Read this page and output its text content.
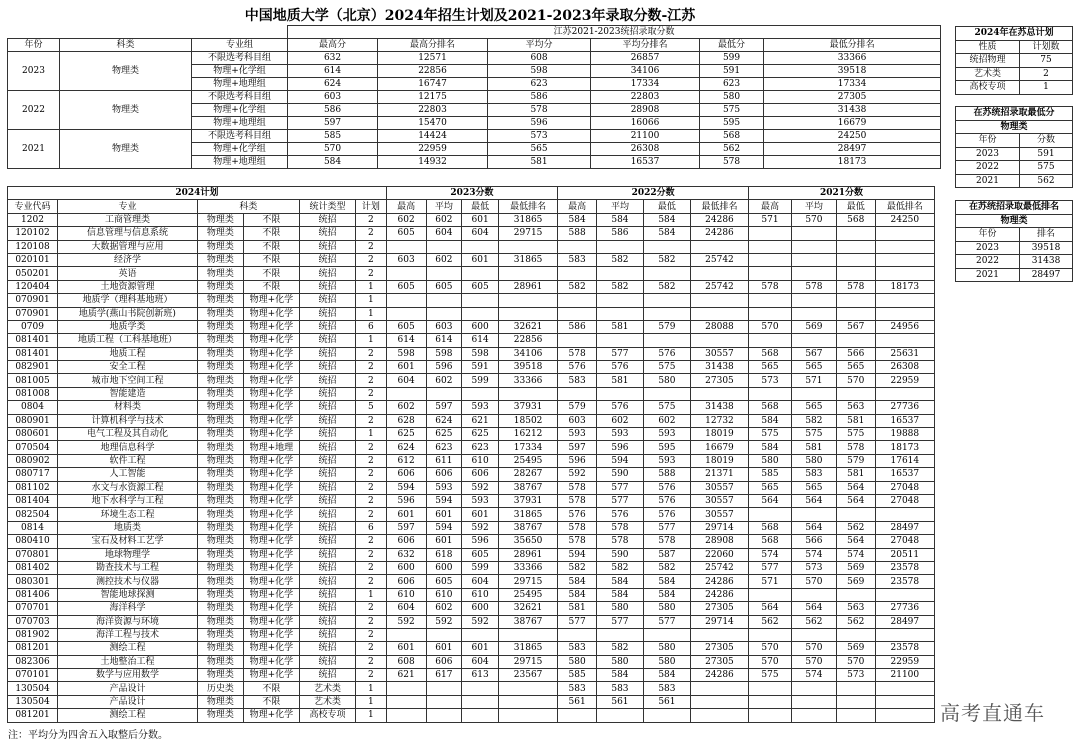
中国地质大学（北京）2024年招生计划及2021-2023年录取分数-江苏
			江苏2021-2023统招录取分数					
年份	科类	专业组	最高分	最高分排名	平均分	平均分排名	最低分	最低分排名
2023	物理类	不限选考科目组	632	12571	608	26857	599	33366
		物理+化学组	614	22856	598	34106	591	39518
		物理+地理组	624	16747	623	17334	623	17334
2022	物理类	不限选考科目组	603	12175	586	22803	580	27305
		物理+化学组	586	22803	578	28908	575	31438
		物理+地理组	597	15470	596	16066	595	16679
2021	物理类	不限选考科目组	585	14424	573	21100	568	24250
		物理+化学组	570	22959	565	26308	562	28497
		物理+地理组	584	14932	581	16537	578	18173
2024计划						2023分数				2022分数				2021分数			
专业代码	专业	科类		统计类型	计划	最高	平均	最低	最低排名	最高	平均	最低	最低排名	最高	平均	最低	最低排名
1202	工商管理类	物理类	不限	统招	2	602	602	601	31865	584	584	584	24286	571	570	568	24250
120102	信息管理与信息系统	物理类	不限	统招	2	605	604	604	29715	588	586	584	24286				
120108	大数据管理与应用	物理类	不限	统招	2												
020101	经济学	物理类	不限	统招	2	603	602	601	31865	583	582	582	25742				
050201	英语	物理类	不限	统招	2												
120404	土地资源管理	物理类	不限	统招	1	605	605	605	28961	582	582	582	25742	578	578	578	18173
070901	地质学（理科基地班）	物理类	物理+化学	统招	1												
070901	地质学(燕山书院创新班)	物理类	物理+化学	统招	1												
0709	地质学类	物理类	物理+化学	统招	6	605	603	600	32621	586	581	579	28088	570	569	567	24956
081401	地质工程（工科基地班）	物理类	物理+化学	统招	1	614	614	614	22856								
081401	地质工程	物理类	物理+化学	统招	2	598	598	598	34106	578	577	576	30557	568	567	566	25631
082901	安全工程	物理类	物理+化学	统招	2	601	596	591	39518	576	576	575	31438	565	565	565	26308
081005	城市地下空间工程	物理类	物理+化学	统招	2	604	602	599	33366	583	581	580	27305	573	571	570	22959
081008	智能建造	物理类	物理+化学	统招	2												
0804	材料类	物理类	物理+化学	统招	5	602	597	593	37931	579	576	575	31438	568	565	563	27736
080901	计算机科学与技术	物理类	物理+化学	统招	2	628	624	621	18502	603	602	602	12732	584	582	581	16537
080601	电气工程及其自动化	物理类	物理+化学	统招	1	625	625	625	16212	593	593	593	18019	575	575	575	19888
070504	地理信息科学	物理类	物理+地理	统招	2	624	623	623	17334	597	596	595	16679	584	581	578	18173
080902	软件工程	物理类	物理+化学	统招	2	612	611	610	25495	596	594	593	18019	580	580	579	17614
080717	人工智能	物理类	物理+化学	统招	2	606	606	606	28267	592	590	588	21371	585	583	581	16537
081102	水文与水资源工程	物理类	物理+化学	统招	2	594	593	592	38767	578	577	576	30557	565	565	564	27048
081404	地下水科学与工程	物理类	物理+化学	统招	2	596	594	593	37931	578	577	576	30557	564	564	564	27048
082504	环境生态工程	物理类	物理+化学	统招	2	601	601	601	31865	576	576	576	30557				
0814	地质类	物理类	物理+化学	统招	6	597	594	592	38767	578	578	577	29714	568	564	562	28497
080410	宝石及材料工艺学	物理类	物理+化学	统招	2	606	601	596	35650	578	578	578	28908	568	566	564	27048
070801	地球物理学	物理类	物理+化学	统招	2	632	618	605	28961	594	590	587	22060	574	574	574	20511
081402	勘查技术与工程	物理类	物理+化学	统招	2	600	600	599	33366	582	582	582	25742	577	573	569	23578
080301	测控技术与仪器	物理类	物理+化学	统招	2	606	605	604	29715	584	584	584	24286	571	570	569	23578
081406	智能地球探测	物理类	物理+化学	统招	1	610	610	610	25495	584	584	584	24286				
070701	海洋科学	物理类	物理+化学	统招	2	604	602	600	32621	581	580	580	27305	564	564	563	27736
070703	海洋资源与环境	物理类	物理+化学	统招	2	592	592	592	38767	577	577	577	29714	562	562	562	28497
081902	海洋工程与技术	物理类	物理+化学	统招	2												
081201	测绘工程	物理类	物理+化学	统招	2	601	601	601	31865	583	582	580	27305	570	570	569	23578
082306	土地整治工程	物理类	物理+化学	统招	2	608	606	604	29715	580	580	580	27305	570	570	570	22959
070101	数学与应用数学	物理类	物理+化学	统招	2	621	617	613	23567	585	584	584	24286	575	574	573	21100
130504	产品设计	历史类	不限	艺术类	1					583	583	583					
130504	产品设计	物理类	不限	艺术类	1					561	561	561					
081201	测绘工程	物理类	物理+化学	高校专项	1												
2024年在苏总计划	
性质	计划数
统招物理	75
艺术类	2
高校专项	1
在苏统招录取最低分	
物理类	
年份	分数
2023	591
2022	575
2021	562
在苏统招录取最低排名	
物理类	
年份	排名
2023	39518
2022	31438
2021	28497
注：平均分为四舍五入取整后分数。
高考直通车
